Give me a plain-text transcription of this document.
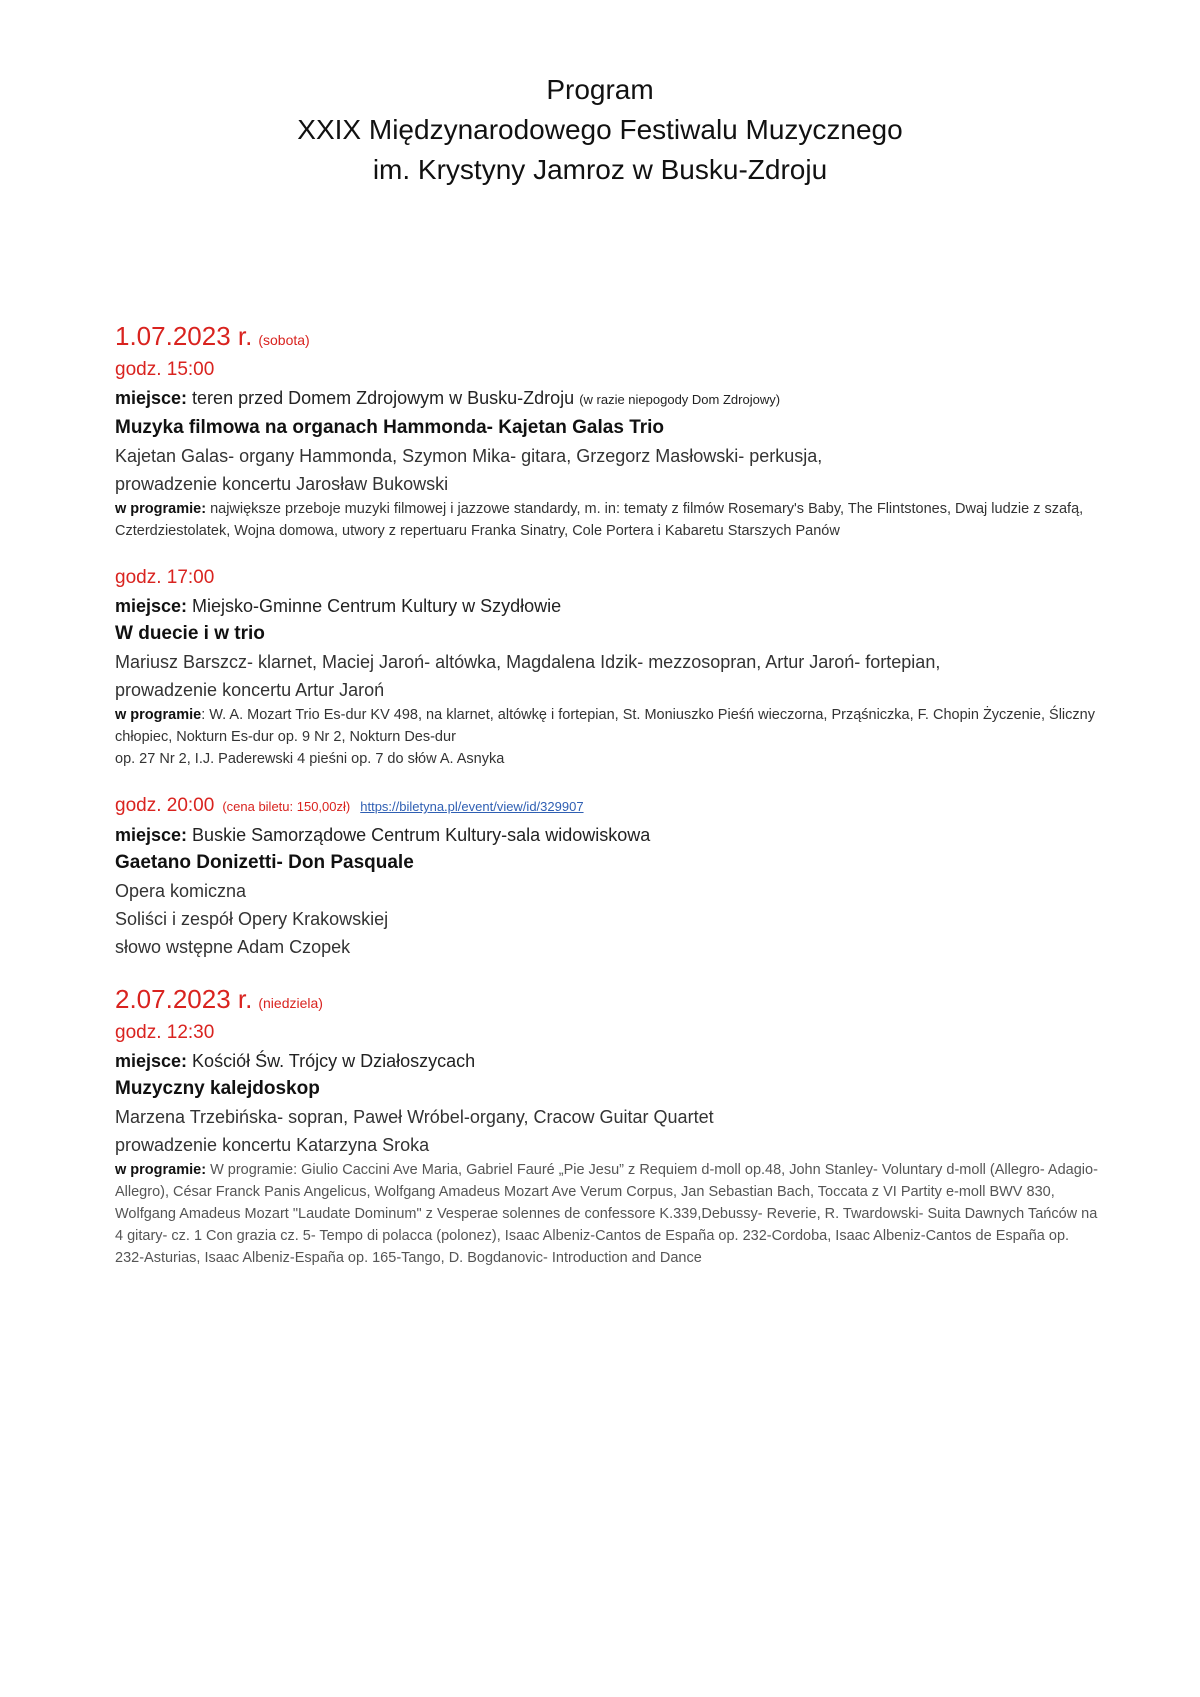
Program
XXIX Międzynarodowego Festiwalu Muzycznego
im. Krystyny Jamroz w Busku-Zdroju
1.07.2023 r. (sobota)
godz. 15:00
miejsce: teren przed Domem Zdrojowym w Busku-Zdroju (w razie niepogody Dom Zdrojowy)
Muzyka filmowa na organach Hammonda- Kajetan Galas Trio
Kajetan Galas- organy Hammonda, Szymon Mika- gitara, Grzegorz Masłowski- perkusja,
prowadzenie koncertu Jarosław Bukowski
w programie: największe przeboje muzyki filmowej i jazzowe standardy, m. in: tematy z filmów Rosemary's Baby, The Flintstones, Dwaj ludzie z szafą, Czterdziestolatek, Wojna domowa, utwory z repertuaru Franka Sinatry, Cole Portera i Kabaretu Starszych Panów
godz. 17:00
miejsce: Miejsko-Gminne Centrum Kultury w Szydłowie
W duecie i w trio
Mariusz Barszcz- klarnet, Maciej Jaroń- altówka, Magdalena Idzik- mezzosopran, Artur Jaroń- fortepian,
prowadzenie koncertu Artur Jaroń
w programie: W. A. Mozart Trio Es-dur KV 498, na klarnet, altówkę i fortepian, St. Moniuszko Pieśń wieczorna, Prząśniczka, F. Chopin Życzenie, Śliczny chłopiec, Nokturn Es-dur op. 9 Nr 2, Nokturn Des-dur
op. 27 Nr 2, I.J. Paderewski 4 pieśni op. 7 do słów A. Asnyka
godz. 20:00 (cena biletu: 150,00zł) https://biletyna.pl/event/view/id/329907
miejsce: Buskie Samorządowe Centrum Kultury-sala widowiskowa
Gaetano Donizetti- Don Pasquale
Opera komiczna
Soliści i zespół Opery Krakowskiej
słowo wstępne Adam Czopek
2.07.2023 r. (niedziela)
godz. 12:30
miejsce: Kościół Św. Trójcy w Działoszycach
Muzyczny kalejdoskop
Marzena Trzebińska- sopran, Paweł Wróbel-organy, Cracow Guitar Quartet
prowadzenie koncertu Katarzyna Sroka
w programie: W programie: Giulio Caccini Ave Maria, Gabriel Fauré „Pie Jesu” z Requiem d-moll op.48, John Stanley- Voluntary d-moll (Allegro- Adagio-Allegro), César Franck Panis Angelicus, Wolfgang Amadeus Mozart Ave Verum Corpus, Jan Sebastian Bach, Toccata z VI Partity e-moll BWV 830, Wolfgang Amadeus Mozart "Laudate Dominum" z Vesperae solennes de confessore K.339,Debussy- Reverie, R. Twardowski- Suita Dawnych Tańców na 4 gitary- cz. 1 Con grazia cz. 5- Tempo di polacca (polonez), Isaac Albeniz-Cantos de España op. 232-Cordoba, Isaac Albeniz-Cantos de España op. 232-Asturias, Isaac Albeniz-España op. 165-Tango, D. Bogdanovic- Introduction and Dance
